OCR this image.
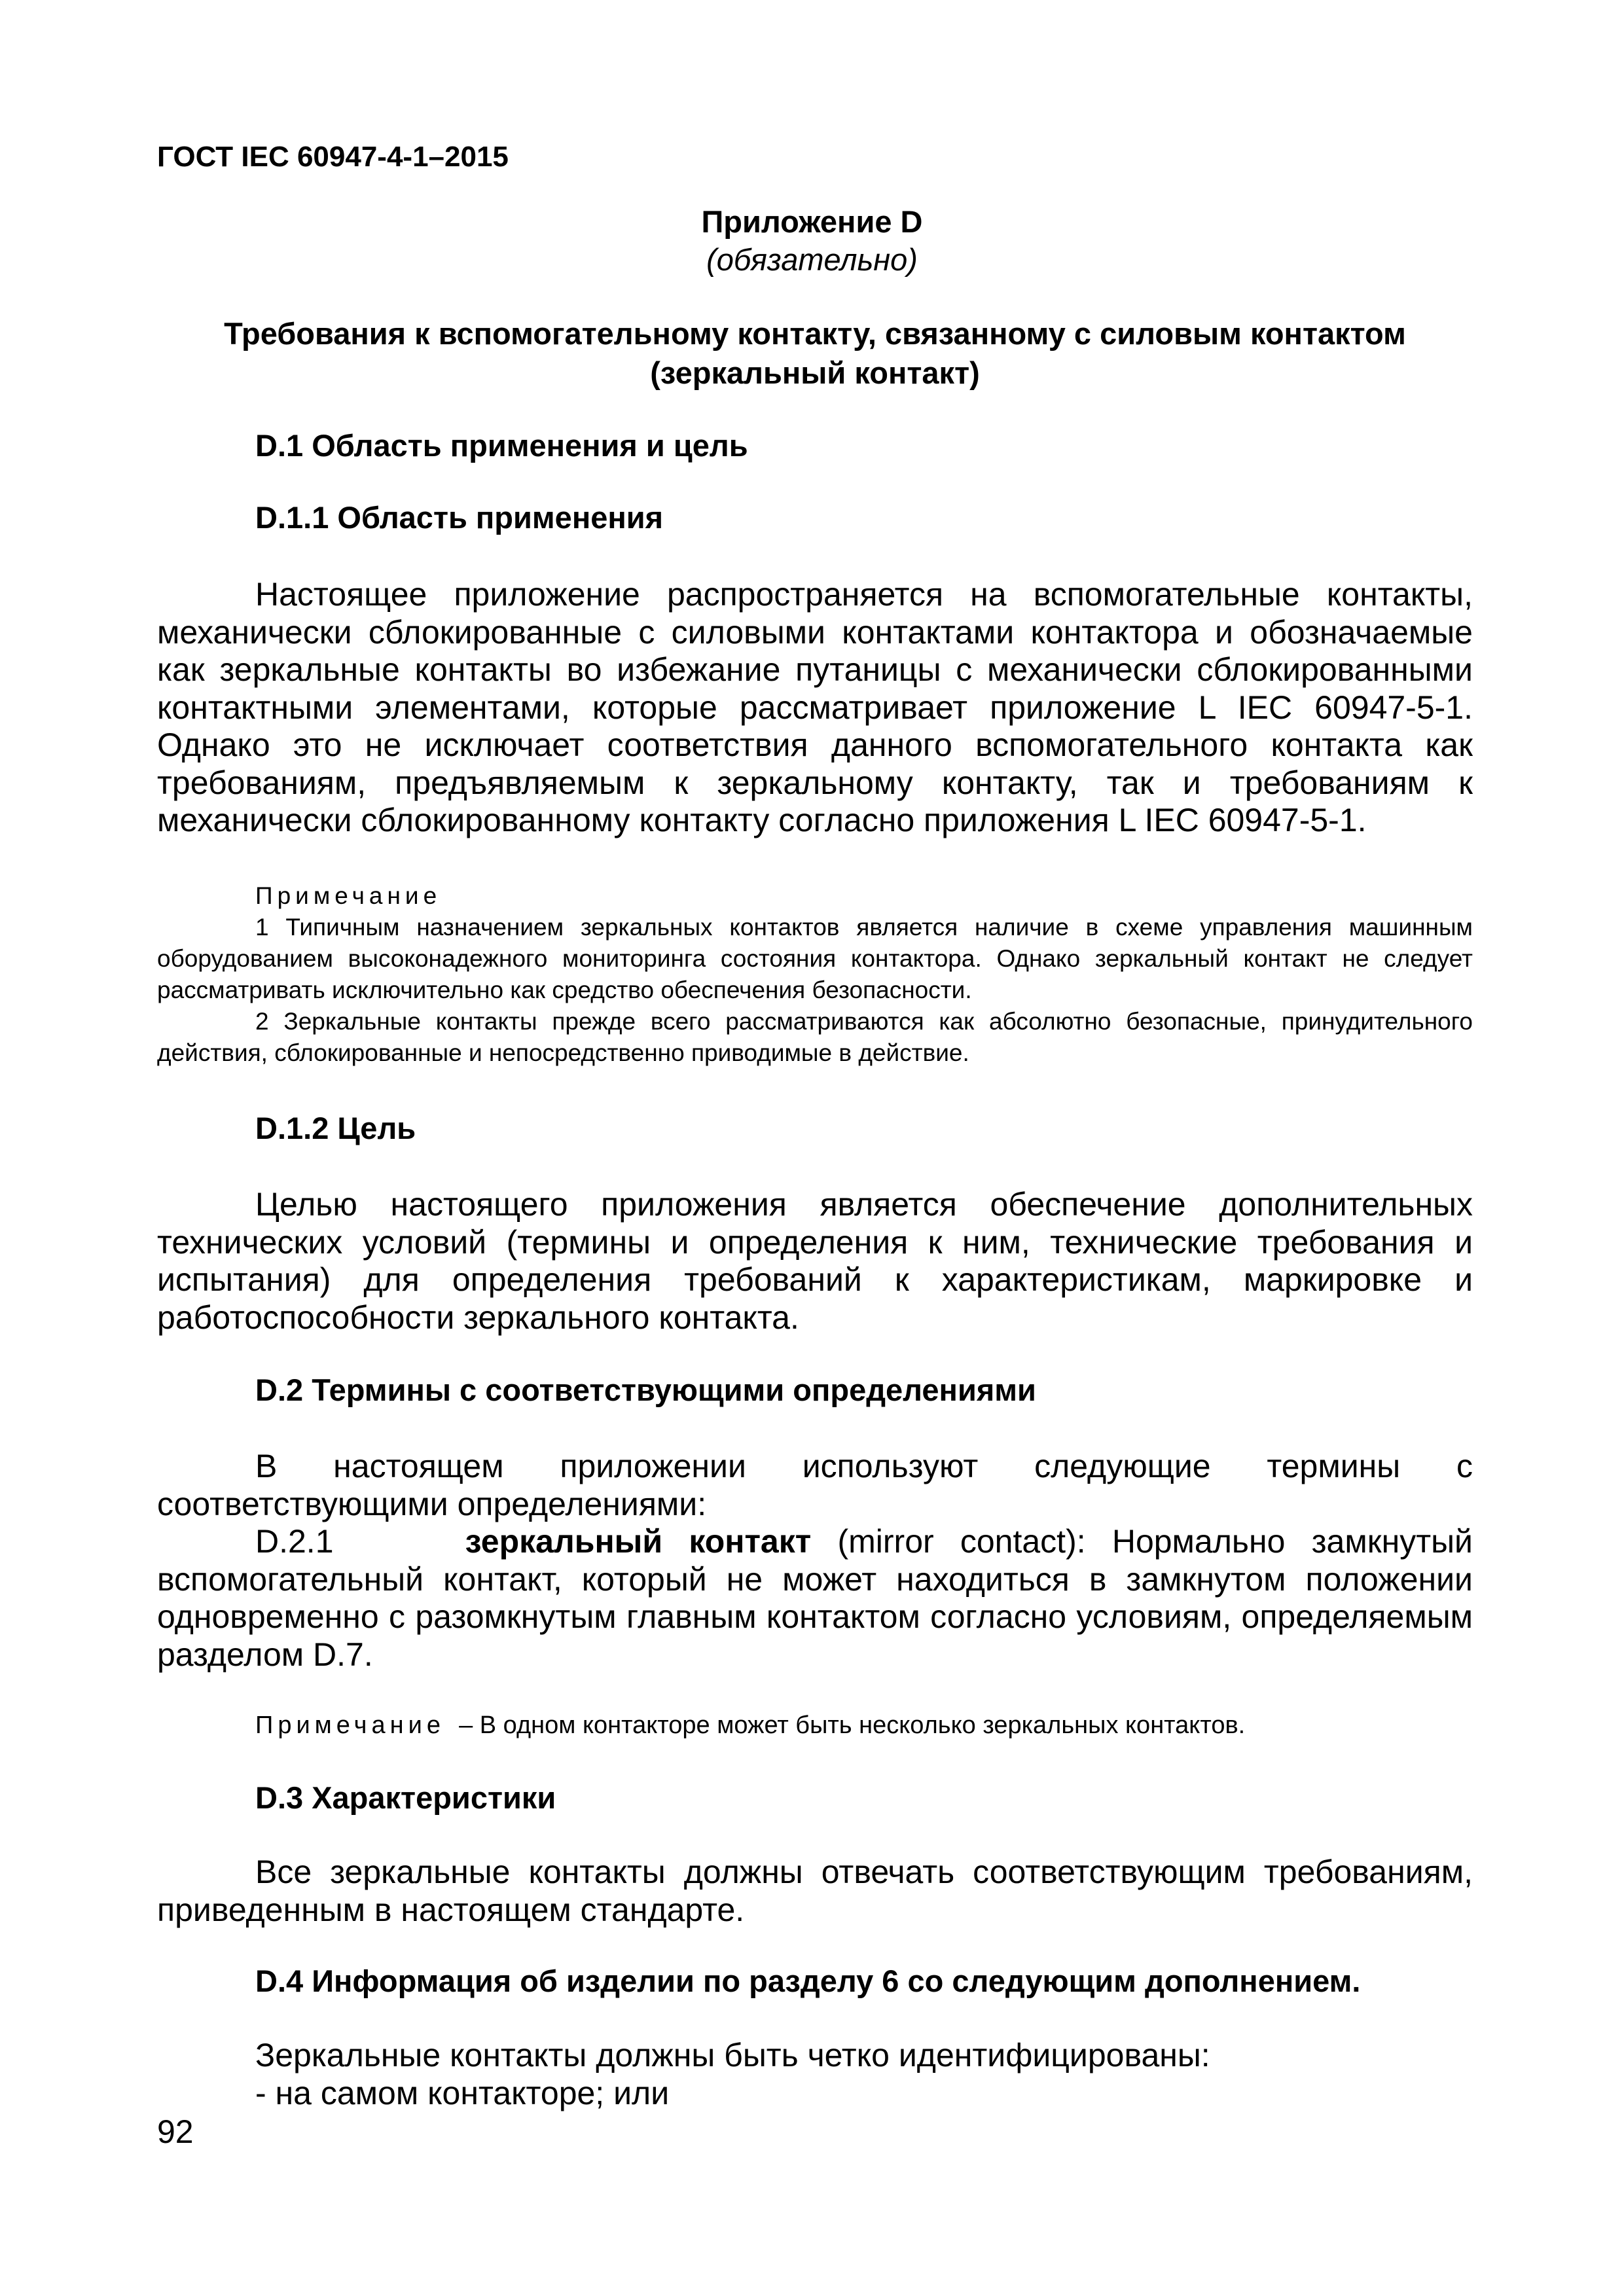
ГОСТ IEC 60947-4-1–2015

Приложение D
(обязательно)
Требования к вспомогательному контакту, связанному с силовым контактом
(зеркальный контакт)

D.1 Область применения и цель

D.1.1 Область применения

Настоящее приложение распространяется на вспомогательные контакты, механически сблокированные с силовыми контактами контактора и обозначаемые как зеркальные контакты во избежание путаницы с механически сблокированными контактными элементами, которые рассматривает приложение L IEC 60947-5-1. Однако это не исключает соответствия данного вспомогательного контакта как требованиям, предъявляемым к зеркальному контакту, так и требованиям к механически сблокированному контакту согласно приложения L IEC 60947-5-1.

Примечание
1 Типичным назначением зеркальных контактов является наличие в схеме управления машинным оборудованием высоконадежного мониторинга состояния контактора. Однако зеркальный контакт не следует рассматривать исключительно как средство обеспечения безопасности.
2 Зеркальные контакты прежде всего рассматриваются как абсолютно безопасные, принудительного действия, сблокированные и непосредственно приводимые в действие.

D.1.2 Цель

Целью настоящего приложения является обеспечение дополнительных технических условий (термины и определения к ним, технические требования и испытания) для определения требований к характеристикам, маркировке и работоспособности зеркального контакта.

D.2 Термины с соответствующими определениями

В настоящем приложении используют следующие термины с соответствующими определениями:

D.2.1	зеркальный контакт (mirror contact): Нормально замкнутый вспомогательный контакт, который не может находиться в замкнутом положении одновременно с разомкнутым главным контактом согласно условиям, определяемым разделом D.7.

Примечание – В одном контакторе может быть несколько зеркальных контактов.

D.3 Характеристики

Все зеркальные контакты должны отвечать соответствующим требованиям, приведенным в настоящем стандарте.

D.4 Информация об изделии по разделу 6 со следующим дополнением.

Зеркальные контакты должны быть четко идентифицированы:

- на самом контакторе; или

92
